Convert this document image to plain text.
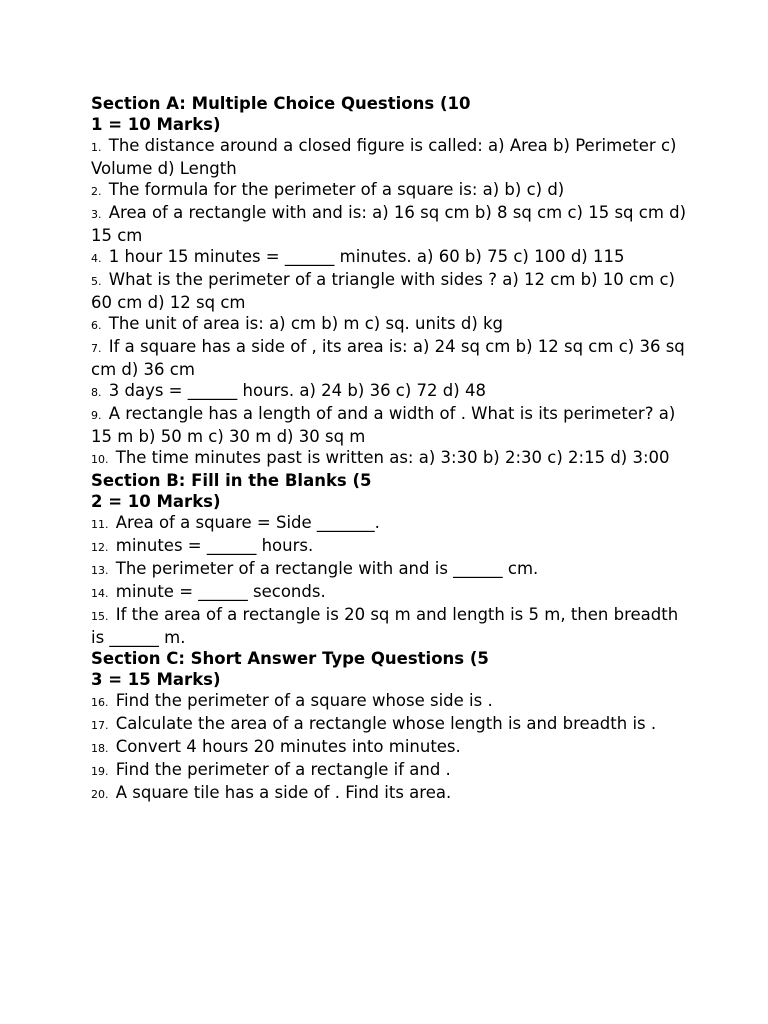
Section A: Multiple Choice Questions (10
1 = 10 Marks)
1. The distance around a closed figure is called: a) Area b) Perimeter c) Volume d) Length
2. The formula for the perimeter of a square is: a) b) c) d)
3. Area of a rectangle with and is: a) 16 sq cm b) 8 sq cm c) 15 sq cm d) 15 cm
4. 1 hour 15 minutes = ______ minutes. a) 60 b) 75 c) 100 d) 115
5. What is the perimeter of a triangle with sides ? a) 12 cm b) 10 cm c) 60 cm d) 12 sq cm
6. The unit of area is: a) cm b) m c) sq. units d) kg
7. If a square has a side of , its area is: a) 24 sq cm b) 12 sq cm c) 36 sq cm d) 36 cm
8. 3 days = ______ hours. a) 24 b) 36 c) 72 d) 48
9. A rectangle has a length of and a width of . What is its perimeter? a) 15 m b) 50 m c) 30 m d) 30 sq m
10. The time minutes past is written as: a) 3:30 b) 2:30 c) 2:15 d) 3:00
Section B: Fill in the Blanks (5
2 = 10 Marks)
11. Area of a square = Side _______.
12. minutes = ______ hours.
13. The perimeter of a rectangle with and is ______ cm.
14. minute = ______ seconds.
15. If the area of a rectangle is 20 sq m and length is 5 m, then breadth is ______ m.
Section C: Short Answer Type Questions (5
3 = 15 Marks)
16. Find the perimeter of a square whose side is .
17. Calculate the area of a rectangle whose length is and breadth is .
18. Convert 4 hours 20 minutes into minutes.
19. Find the perimeter of a rectangle if and .
20. A square tile has a side of . Find its area.
